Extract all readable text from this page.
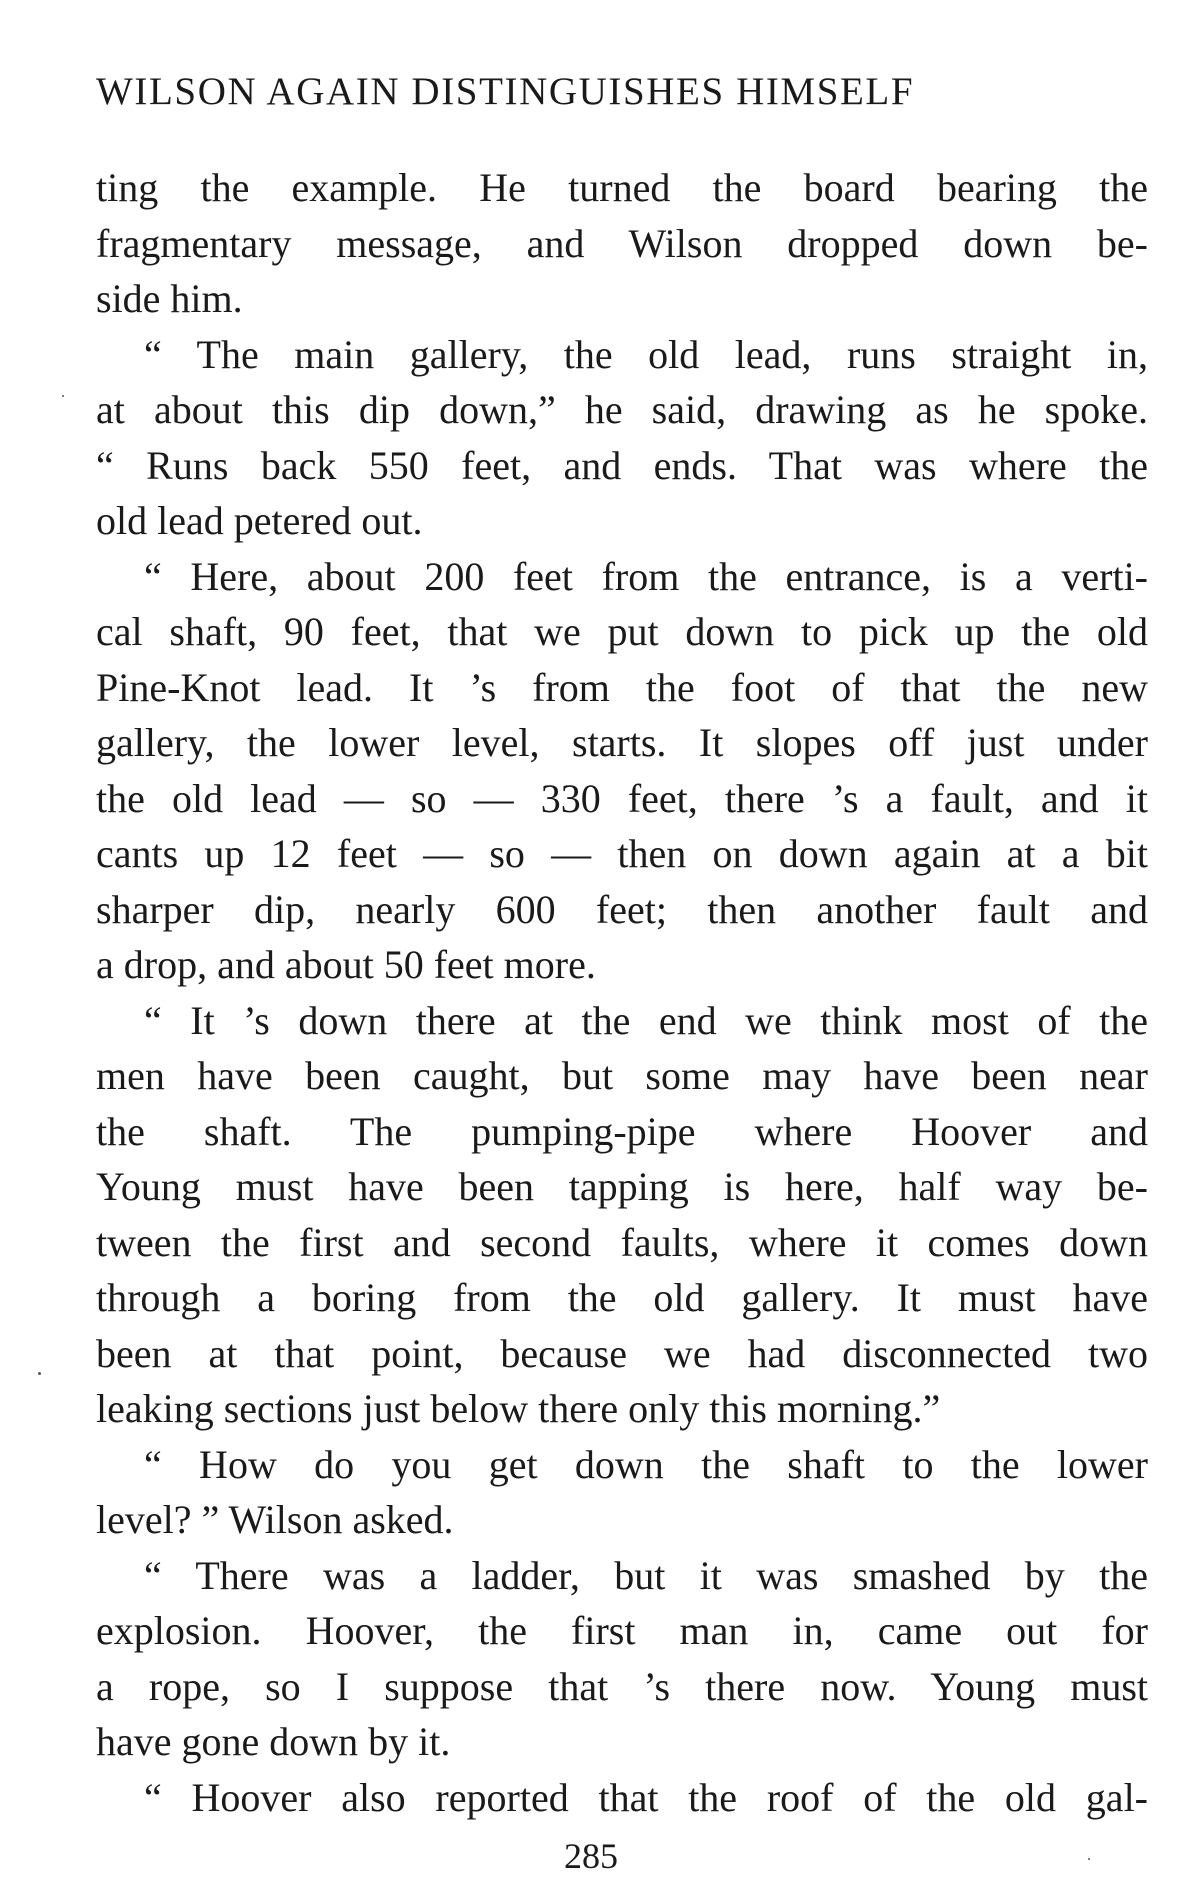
WILSON AGAIN DISTINGUISHES HIMSELF
ting the example. He turned the board bearing the
fragmentary message, and Wilson dropped down be-
side him.
“ The main gallery, the old lead, runs straight in,
at about this dip down,” he said, drawing as he spoke.
“ Runs back 550 feet, and ends. That was where the
old lead petered out.
“ Here, about 200 feet from the entrance, is a verti-
cal shaft, 90 feet, that we put down to pick up the old
Pine-Knot lead. It ’s from the foot of that the new
gallery, the lower level, starts. It slopes off just under
the old lead — so — 330 feet, there ’s a fault, and it
cants up 12 feet — so — then on down again at a bit
sharper dip, nearly 600 feet; then another fault and
a drop, and about 50 feet more.
“ It ’s down there at the end we think most of the
men have been caught, but some may have been near
the shaft. The pumping-pipe where Hoover and
Young must have been tapping is here, half way be-
tween the first and second faults, where it comes down
through a boring from the old gallery. It must have
been at that point, because we had disconnected two
leaking sections just below there only this morning.”
“ How do you get down the shaft to the lower
level? ” Wilson asked.
“ There was a ladder, but it was smashed by the
explosion. Hoover, the first man in, came out for
a rope, so I suppose that ’s there now. Young must
have gone down by it.
“ Hoover also reported that the roof of the old gal-
285
